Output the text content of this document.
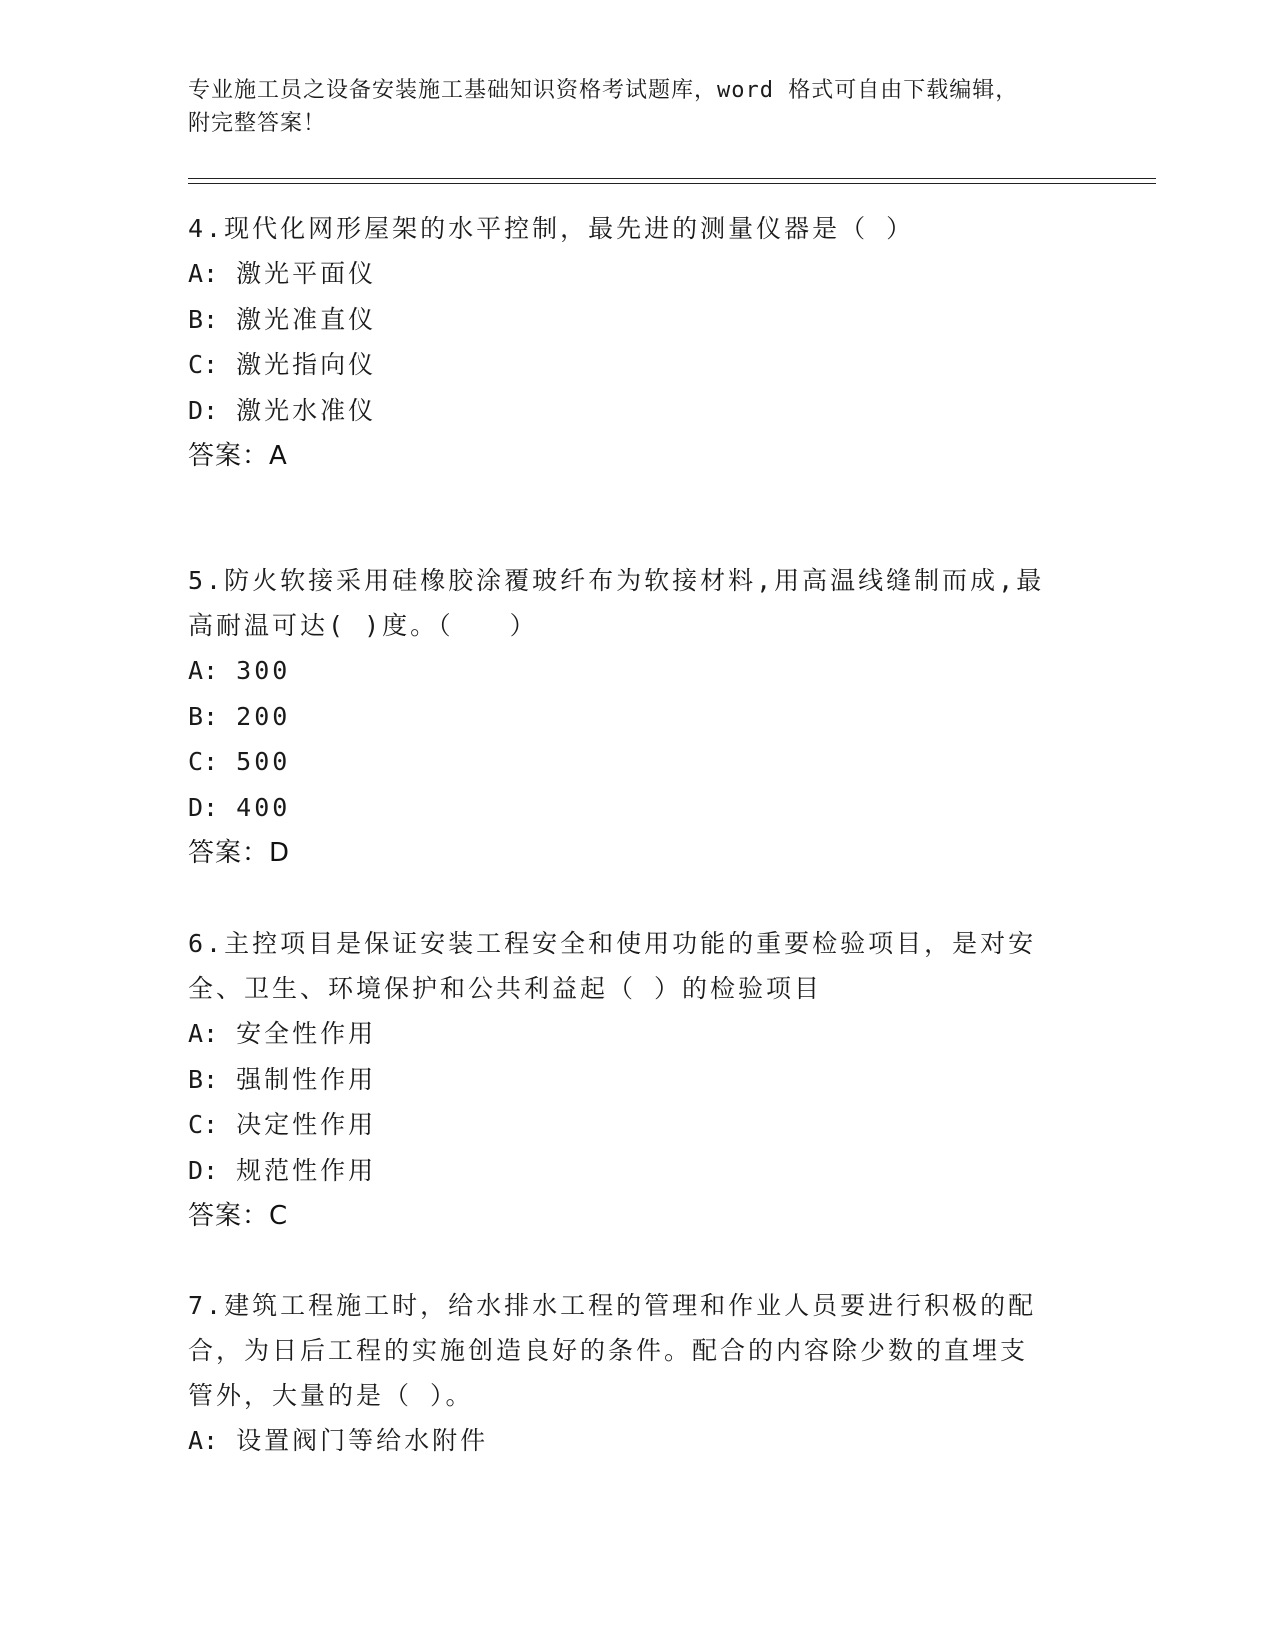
专业施工员之设备安装施工基础知识资格考试题库，word 格式可自由下载编辑，
附完整答案！

4.现代化网形屋架的水平控制，最先进的测量仪器是（ ）

A: 激光平面仪

B: 激光准直仪

C: 激光指向仪

D: 激光水准仪

答案：A

5.防火软接采用硅橡胶涂覆玻纤布为软接材料,用高温线缝制而成,最

高耐温可达( )度。（　　）

A: 300

B: 200

C: 500

D: 400

答案：D

6.主控项目是保证安装工程安全和使用功能的重要检验项目，是对安

全、卫生、环境保护和公共利益起（ ）的检验项目

A: 安全性作用

B: 强制性作用

C: 决定性作用

D: 规范性作用

答案：C

7.建筑工程施工时，给水排水工程的管理和作业人员要进行积极的配

合，为日后工程的实施创造良好的条件。配合的内容除少数的直埋支

管外，大量的是（ ）。

A: 设置阀门等给水附件
